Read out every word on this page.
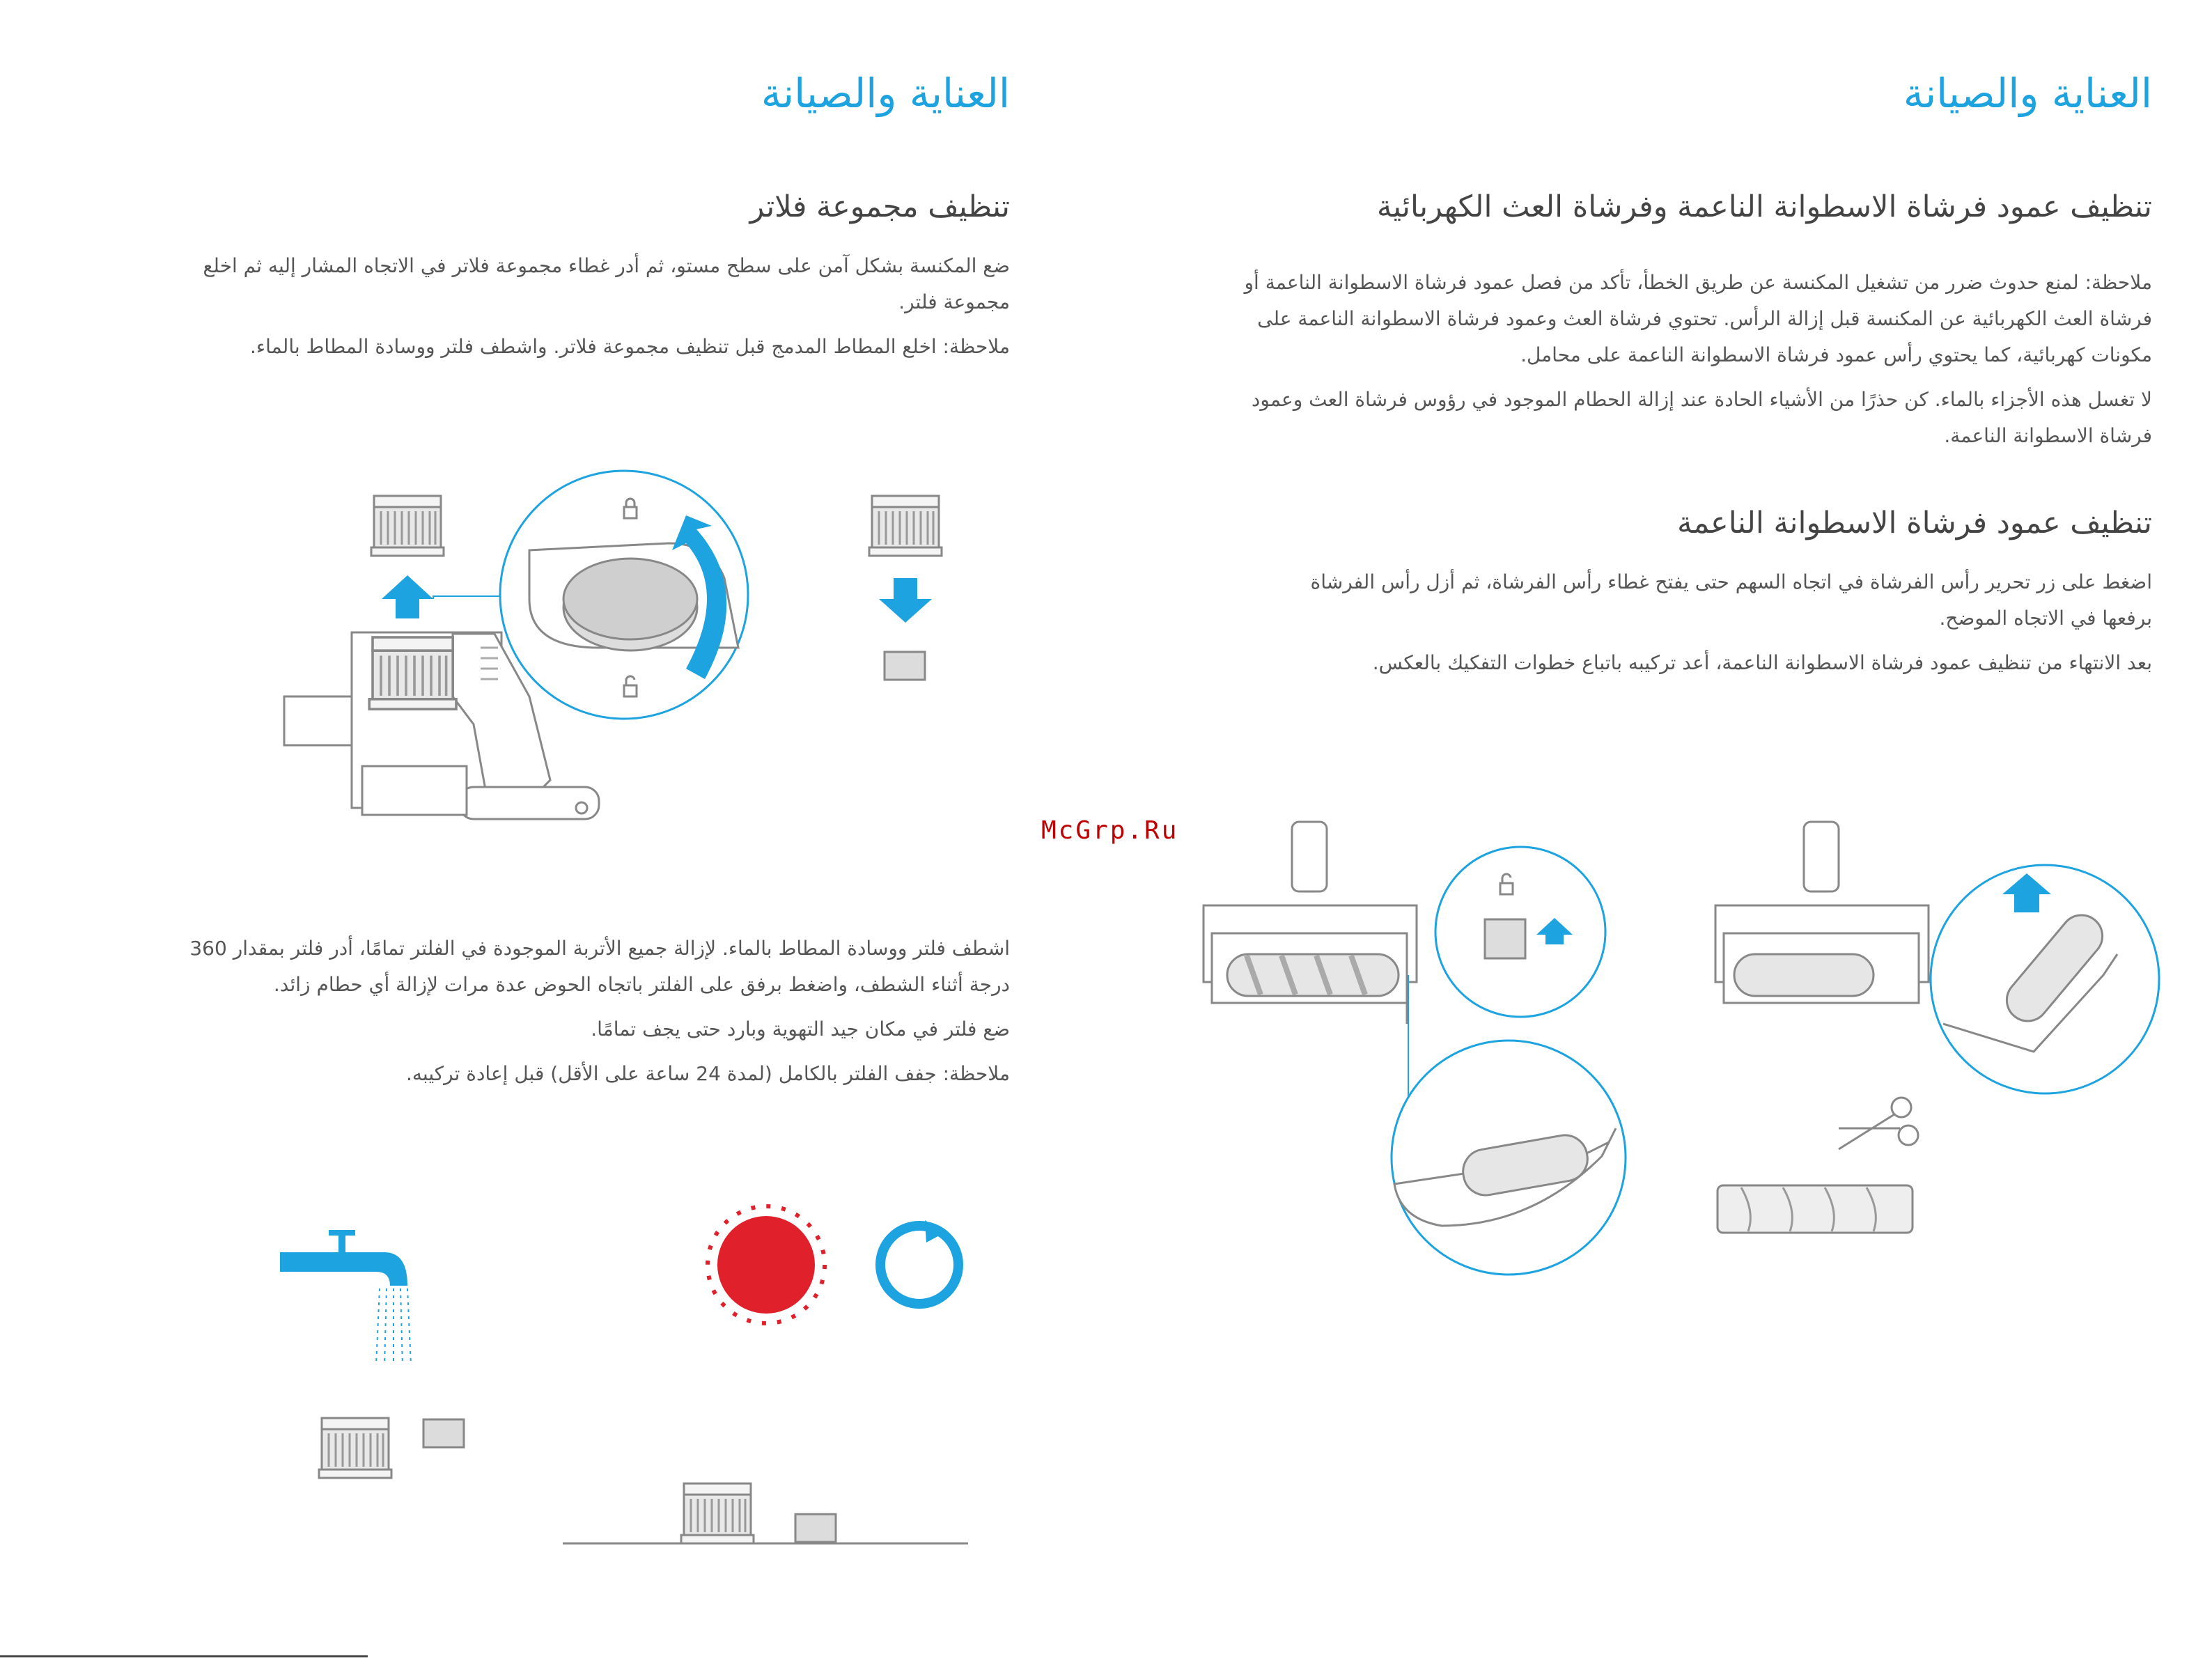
العناية والصيانة
تنظيف مجموعة فلاتر

ضع المكنسة بشكل آمن على سطح مستو، ثم أدر غطاء مجموعة فلاتر في الاتجاه المشار إليه ثم اخلع مجموعة فلتر.

ملاحظة: اخلع المطاط المدمج قبل تنظيف مجموعة فلاتر. واشطف فلتر ووسادة المطاط بالماء.

اشطف فلتر ووسادة المطاط بالماء. لإزالة جميع الأتربة الموجودة في الفلتر تمامًا، أدر فلتر بمقدار 360 درجة أثناء الشطف، واضغط برفق على الفلتر باتجاه الحوض عدة مرات لإزالة أي حطام زائد.

ضع فلتر في مكان جيد التهوية وبارد حتى يجف تمامًا.

ملاحظة: جفف الفلتر بالكامل (لمدة 24 ساعة على الأقل) قبل إعادة تركيبه.

العناية والصيانة
تنظيف عمود فرشاة الاسطوانة الناعمة وفرشاة العث الكهربائية

ملاحظة: لمنع حدوث ضرر من تشغيل المكنسة عن طريق الخطأ، تأكد من فصل عمود فرشاة الاسطوانة الناعمة أو فرشاة العث الكهربائية عن المكنسة قبل إزالة الرأس. تحتوي فرشاة العث وعمود فرشاة الاسطوانة الناعمة على مكونات كهربائية، كما يحتوي رأس عمود فرشاة الاسطوانة الناعمة على محامل.

لا تغسل هذه الأجزاء بالماء. كن حذرًا من الأشياء الحادة عند إزالة الحطام الموجود في رؤوس فرشاة العث وعمود فرشاة الاسطوانة الناعمة.

تنظيف عمود فرشاة الاسطوانة الناعمة

اضغط على زر تحرير رأس الفرشاة في اتجاه السهم حتى يفتح غطاء رأس الفرشاة، ثم أزل رأس الفرشاة برفعها في الاتجاه الموضح.

بعد الانتهاء من تنظيف عمود فرشاة الاسطوانة الناعمة، أعد تركيبه باتباع خطوات التفكيك بالعكس.

McGrp.Ru
